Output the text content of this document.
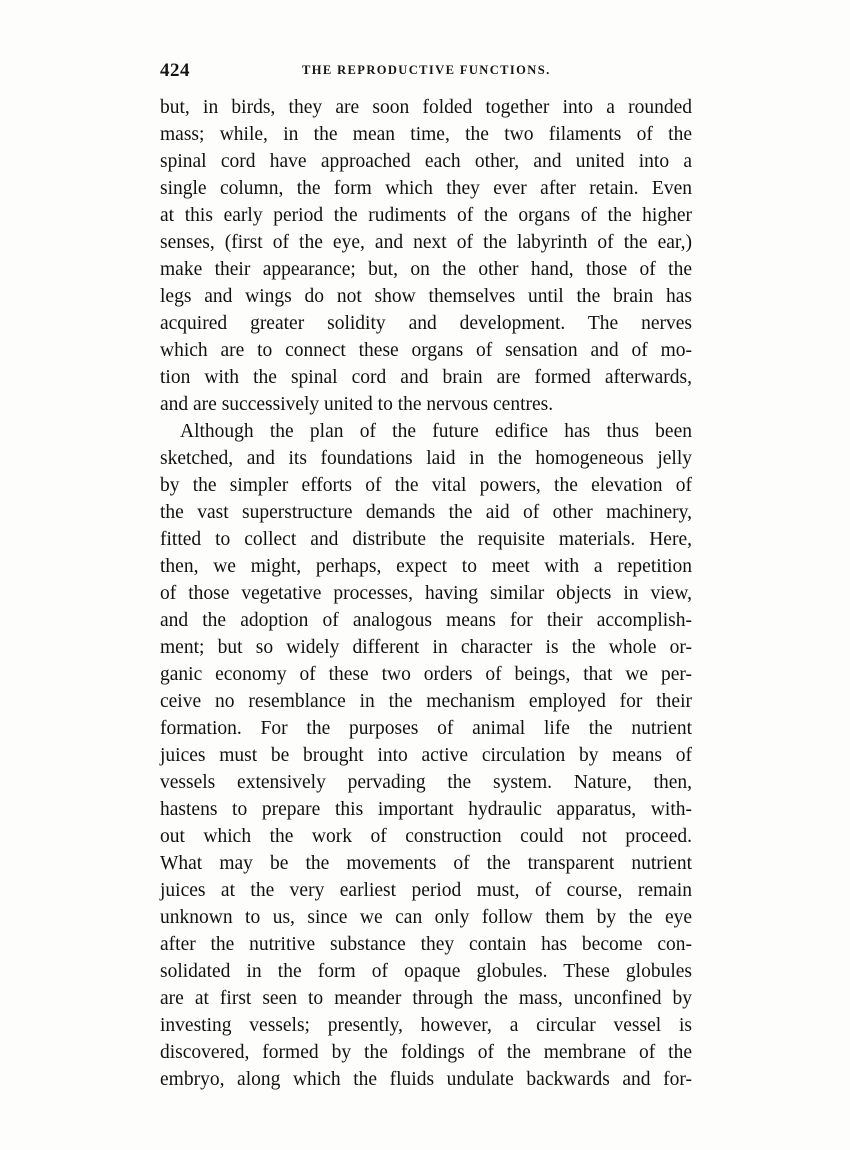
424	THE REPRODUCTIVE FUNCTIONS.
but, in birds, they are soon folded together into a rounded
mass; while, in the mean time, the two filaments of the
spinal cord have approached each other, and united into a
single column, the form which they ever after retain. Even
at this early period the rudiments of the organs of the higher
senses, (first of the eye, and next of the labyrinth of the ear,)
make their appearance; but, on the other hand, those of the
legs and wings do not show themselves until the brain has
acquired greater solidity and development. The nerves
which are to connect these organs of sensation and of mo-
tion with the spinal cord and brain are formed afterwards,
and are successively united to the nervous centres.
Although the plan of the future edifice has thus been
sketched, and its foundations laid in the homogeneous jelly
by the simpler efforts of the vital powers, the elevation of
the vast superstructure demands the aid of other machinery,
fitted to collect and distribute the requisite materials. Here,
then, we might, perhaps, expect to meet with a repetition
of those vegetative processes, having similar objects in view,
and the adoption of analogous means for their accomplish-
ment; but so widely different in character is the whole or-
ganic economy of these two orders of beings, that we per-
ceive no resemblance in the mechanism employed for their
formation. For the purposes of animal life the nutrient
juices must be brought into active circulation by means of
vessels extensively pervading the system. Nature, then,
hastens to prepare this important hydraulic apparatus, with-
out which the work of construction could not proceed.
What may be the movements of the transparent nutrient
juices at the very earliest period must, of course, remain
unknown to us, since we can only follow them by the eye
after the nutritive substance they contain has become con-
solidated in the form of opaque globules. These globules
are at first seen to meander through the mass, unconfined by
investing vessels; presently, however, a circular vessel is
discovered, formed by the foldings of the membrane of the
embryo, along which the fluids undulate backwards and for-
